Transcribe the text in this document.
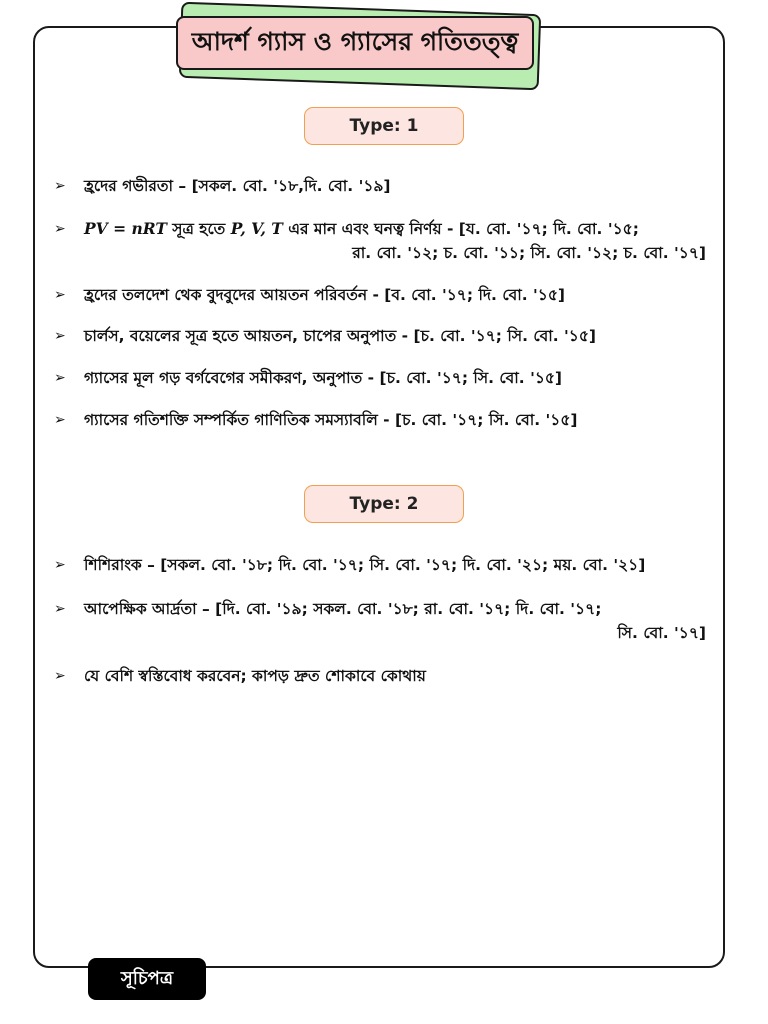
আদর্শ গ্যাস ও গ্যাসের গতিতত্ত্ব
Type: 1
➢	হ্রদের গভীরতা – [সকল. বো. '১৮,দি. বো. '১৯]
➢	PV = nRT সূত্র হতে P, V, T এর মান এবং ঘনত্ব নির্ণয় - [য. বো. '১৭; দি. বো. '১৫;
রা. বো. '১২; চ. বো. '১১; সি. বো. '১২; চ. বো. '১৭]
➢	হ্রদের তলদেশ থেক বুদবুদের আয়তন পরিবর্তন - [ব. বো. '১৭; দি. বো. '১৫]
➢	চার্লস, বয়েলের সূত্র হতে আয়তন, চাপের অনুপাত - [চ. বো. '১৭; সি. বো. '১৫]
➢	গ্যাসের মূল গড় বর্গবেগের সমীকরণ, অনুপাত - [চ. বো. '১৭; সি. বো. '১৫]
➢	গ্যাসের গতিশক্তি সম্পর্কিত গাণিতিক সমস্যাবলি - [চ. বো. '১৭; সি. বো. '১৫]
Type: 2
➢	শিশিরাংক – [সকল. বো. '১৮; দি. বো. '১৭; সি. বো. '১৭; দি. বো. '২১; ময়. বো. '২১]
➢	আপেক্ষিক আর্দ্রতা – [দি. বো. '১৯; সকল. বো. '১৮; রা. বো. '১৭; দি. বো. '১৭;
সি. বো. '১৭]
➢	যে বেশি স্বস্তিবোধ করবেন; কাপড় দ্রুত শোকাবে কোথায়
সূচিপত্র
